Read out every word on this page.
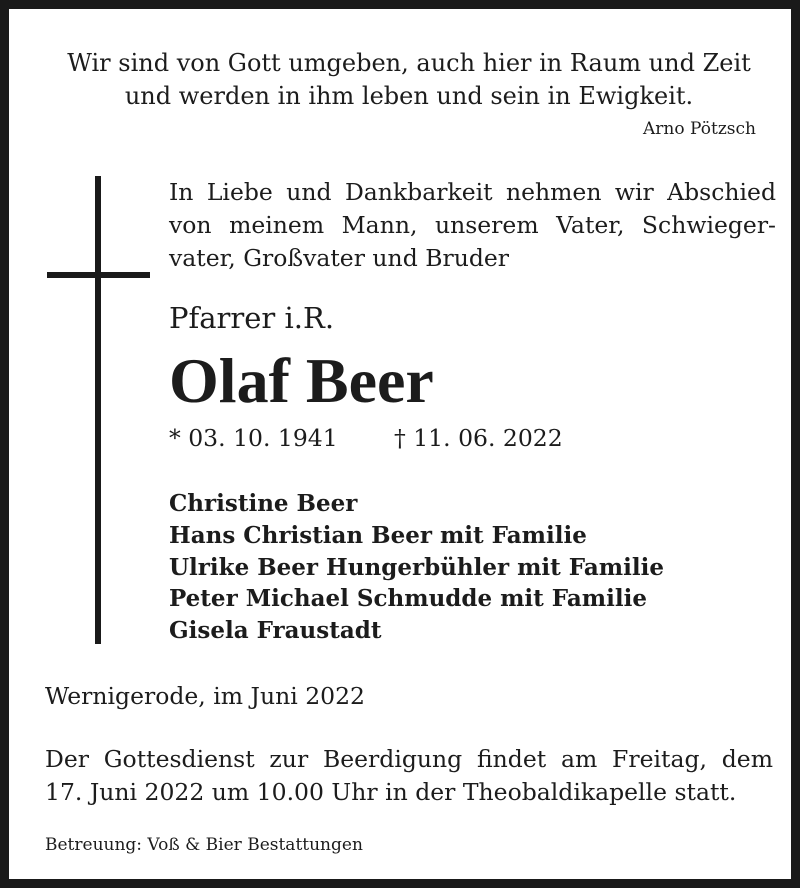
Wir sind von Gott umgeben, auch hier in Raum und Zeit
und werden in ihm leben und sein in Ewigkeit.
Arno Pötzsch
In Liebe und Dankbarkeit nehmen wir Abschied
von meinem Mann, unserem Vater, Schwieger-
vater, Großvater und Bruder
Pfarrer i.R.
Olaf Beer
* 03. 10. 1941 † 11. 06. 2022
Christine Beer
Hans Christian Beer mit Familie
Ulrike Beer Hungerbühler mit Familie
Peter Michael Schmudde mit Familie
Gisela Fraustadt
Wernigerode, im Juni 2022
Der Gottesdienst zur Beerdigung findet am Freitag, dem
17. Juni 2022 um 10.00 Uhr in der Theobaldikapelle statt.
Betreuung: Voß & Bier Bestattungen
